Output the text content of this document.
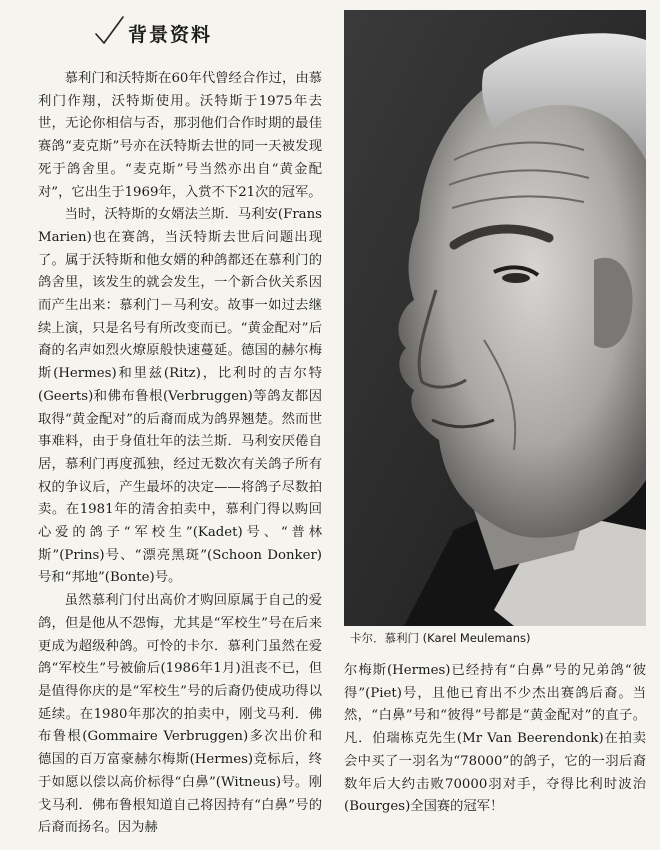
背景资料

慕利门和沃特斯在60年代曾经合作过，由慕利门作翔，沃特斯使用。沃特斯于1975年去世，无论你相信与否，那羽他们合作时期的最佳赛鸽“麦克斯”号亦在沃特斯去世的同一天被发现死于鸽舍里。“麦克斯”号当然亦出自“黄金配对”，它出生于1969年，入赏不下21次的冠军。

当时，沃特斯的女婿法兰斯．马利安(Frans Marien)也在赛鸽，当沃特斯去世后问题出现了。属于沃特斯和他女婿的种鸽都还在慕利门的鸽舍里，该发生的就会发生，一个新合伙关系因而产生出来：慕利门－马利安。故事一如过去继续上演，只是名号有所改变而已。“黄金配对”后裔的名声如烈火燎原般快速蔓延。德国的赫尔梅斯(Hermes)和里兹(Ritz)，比利时的吉尔特(Geerts)和佛布鲁根(Verbruggen)等鸽友都因取得“黄金配对”的后裔而成为鸽界翘楚。然而世事难料，由于身值壮年的法兰斯．马利安厌倦自居，慕利门再度孤独，经过无数次有关鸽子所有权的争议后，产生最坏的决定——将鸽子尽数拍卖。在1981年的清舍拍卖中，慕利门得以购回心爱的鸽子“军校生”(Kadet)号、“普林斯”(Prins)号、“漂亮黑斑”(Schoon Donker)号和“邦地”(Bonte)号。

虽然慕利门付出高价才购回原属于自己的爱鸽，但是他从不怨悔，尤其是“军校生”号在后来更成为超级种鸽。可怜的卡尔．慕利门虽然在爱鸽“军校生”号被偷后(1986年1月)沮丧不已，但是值得你庆的是“军校生”号的后裔仍使成功得以延续。在1980年那次的拍卖中，刚戈马利．佛布鲁根(Gommaire Verbruggen)多次出价和德国的百万富豪赫尔梅斯(Hermes)竞标后，终于如愿以偿以高价标得“白鼻”(Witneus)号。刚戈马利．佛布鲁根知道自己将因持有“白鼻”号的后裔而扬名。因为赫

卡尔．慕利门 (Karel Meulemans)

尔梅斯(Hermes)已经持有“白鼻”号的兄弟鸽“彼得”(Piet)号，且他已育出不少杰出赛鸽后裔。当然，“白鼻”号和“彼得”号都是“黄金配对”的直子。凡．伯瑞栋克先生(Mr Van Beerendonk)在拍卖会中买了一羽名为“78000”的鸽子，它的一羽后裔数年后大约击败70000羽对手，夺得比利时波治(Bourges)全国赛的冠军！
